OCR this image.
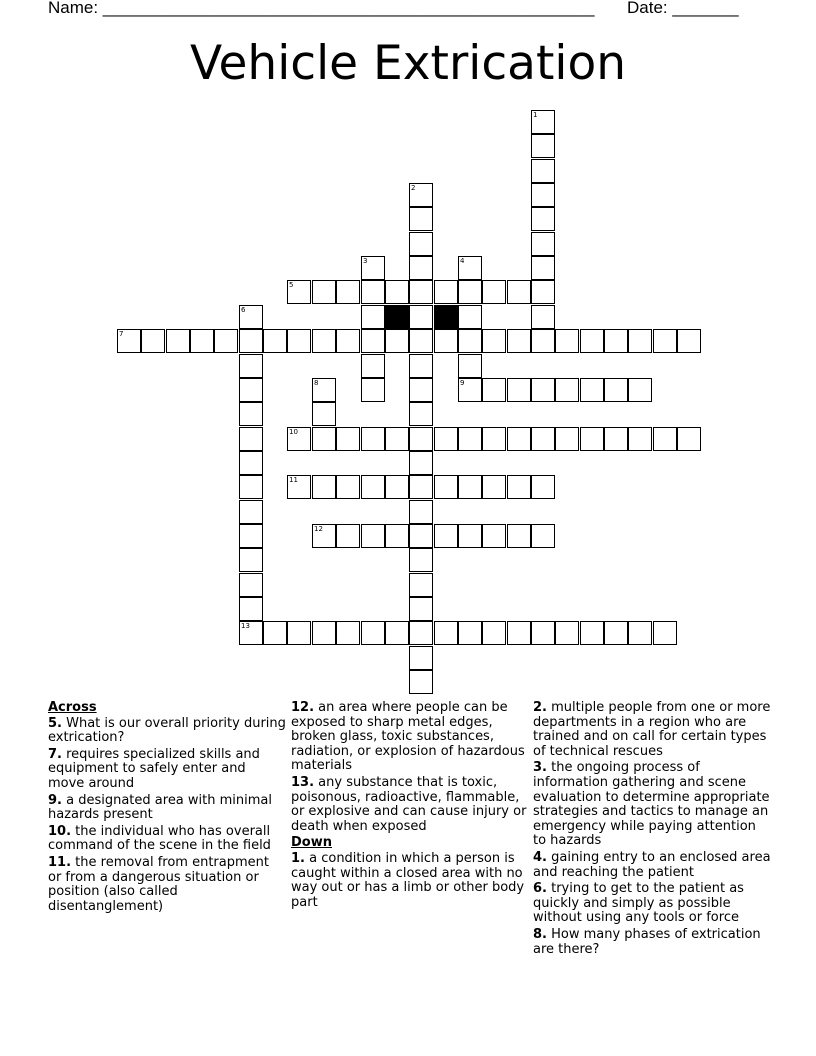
Name: ____________________________________________________ Date: _______
Vehicle Extrication
1
2
3	4
5
6
7
8	9
10
11
12
13

Across

5. What is our overall priority during extrication?

7. requires specialized skills and equipment to safely enter and move around

9. a designated area with minimal hazards present

10. the individual who has overall command of the scene in the field

11. the removal from entrapment or from a dangerous situation or position (also called disentanglement)

12. an area where people can be exposed to sharp metal edges, broken glass, toxic substances, radiation, or explosion of hazardous materials

13. any substance that is toxic, poisonous, radioactive, flammable, or explosive and can cause injury or death when exposed

Down

1. a condition in which a person is caught within a closed area with no way out or has a limb or other body part

2. multiple people from one or more departments in a region who are trained and on call for certain types of technical rescues

3. the ongoing process of information gathering and scene evaluation to determine appropriate strategies and tactics to manage an emergency while paying attention to hazards

4. gaining entry to an enclosed area and reaching the patient

6. trying to get to the patient as quickly and simply as possible without using any tools or force

8. How many phases of extrication are there?
